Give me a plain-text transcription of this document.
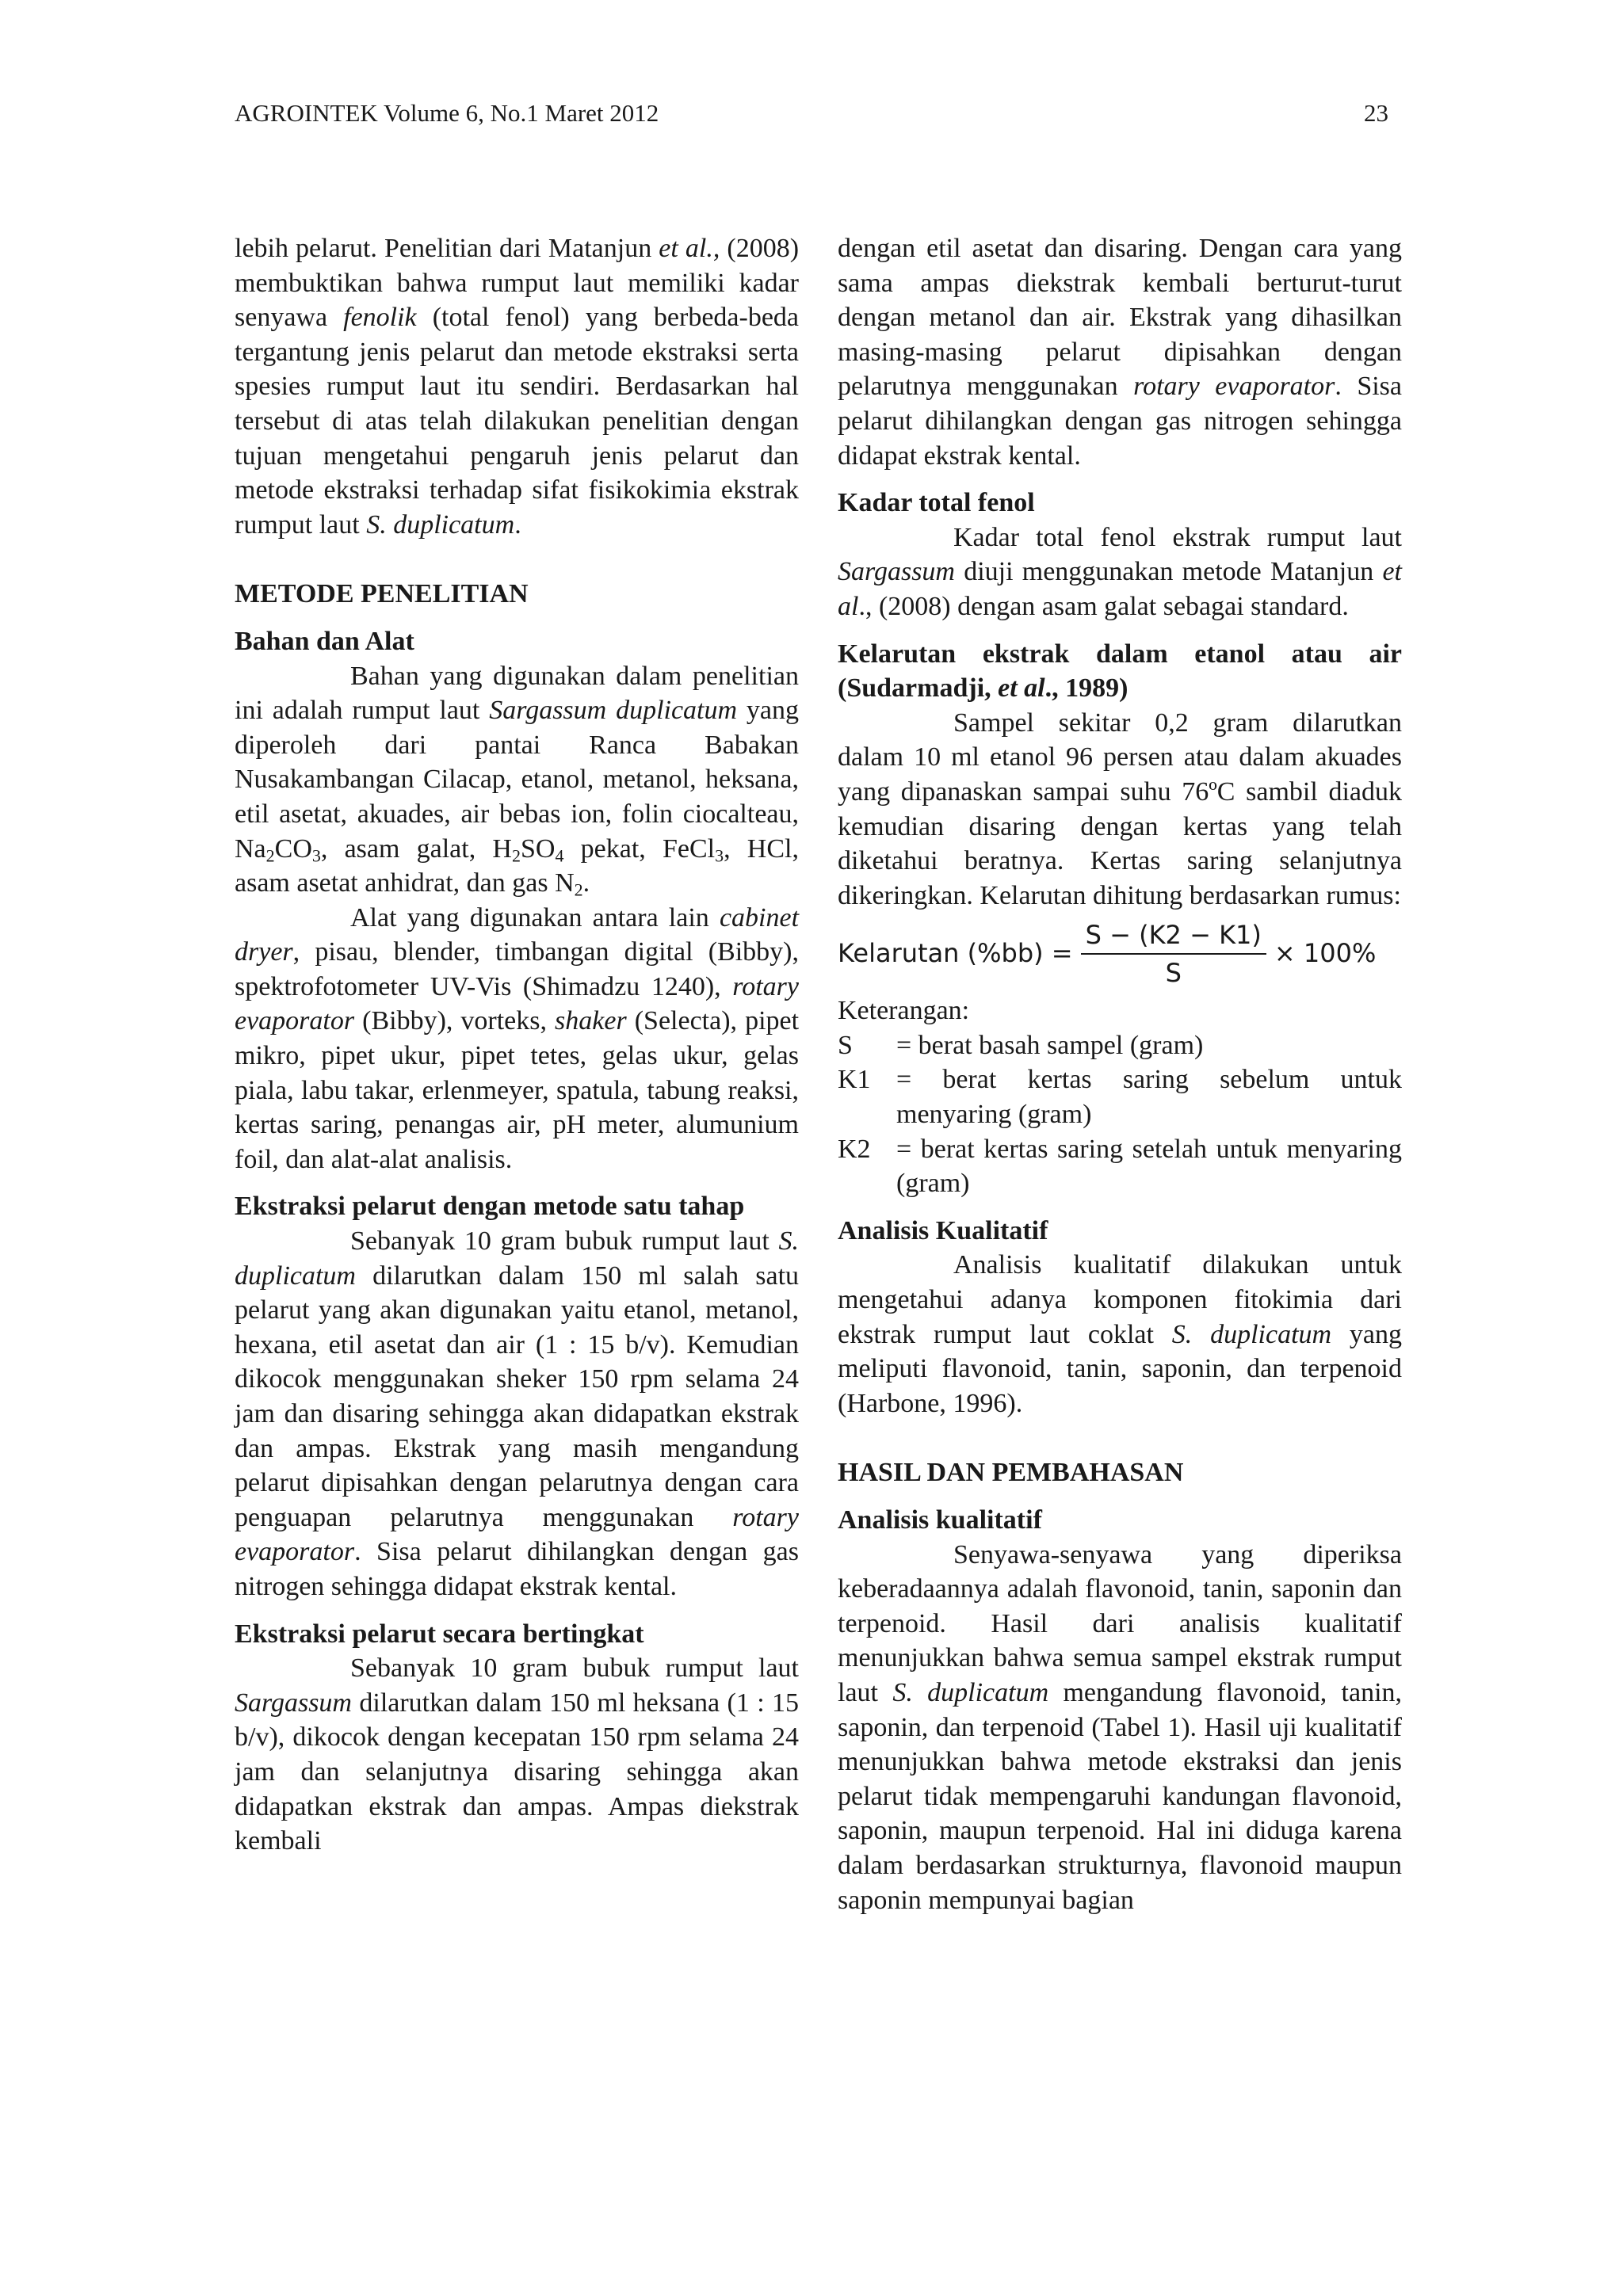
AGROINTEK Volume 6, No.1 Maret 2012	23

lebih pelarut. Penelitian dari Matanjun et al., (2008) membuktikan bahwa rumput laut memiliki kadar senyawa fenolik (total fenol) yang berbeda-beda tergantung jenis pelarut dan metode ekstraksi serta spesies rumput laut itu sendiri. Berdasarkan hal tersebut di atas telah dilakukan penelitian dengan tujuan mengetahui pengaruh jenis pelarut dan metode ekstraksi terhadap sifat fisikokimia ekstrak rumput laut S. duplicatum.

METODE PENELITIAN

Bahan dan Alat

Bahan yang digunakan dalam penelitian ini adalah rumput laut Sargassum duplicatum yang diperoleh dari pantai Ranca Babakan Nusakambangan Cilacap, etanol, metanol, heksana, etil asetat, akuades, air bebas ion, folin ciocalteau, $Na_2CO_3$, asam galat, $H_2SO_4$ pekat, FeCl$_3$, HCl, asam asetat anhidrat, dan gas $N_2$.

Alat yang digunakan antara lain cabinet dryer, pisau, blender, timbangan digital (Bibby), spektrofotometer UV-Vis (Shimadzu 1240), rotary evaporator (Bibby), vorteks, shaker (Selecta), pipet mikro, pipet ukur, pipet tetes, gelas ukur, gelas piala, labu takar, erlenmeyer, spatula, tabung reaksi, kertas saring, penangas air, pH meter, alumunium foil, dan alat-alat analisis.

Ekstraksi pelarut dengan metode satu tahap

Sebanyak 10 gram bubuk rumput laut S. duplicatum dilarutkan dalam 150 ml salah satu pelarut yang akan digunakan yaitu etanol, metanol, hexana, etil asetat dan air (1 : 15 b/v). Kemudian dikocok menggunakan sheker 150 rpm selama 24 jam dan disaring sehingga akan didapatkan ekstrak dan ampas. Ekstrak yang masih mengandung pelarut dipisahkan dengan pelarutnya dengan cara penguapan pelarutnya menggunakan rotary evaporator. Sisa pelarut dihilangkan dengan gas nitrogen sehingga didapat ekstrak kental.

Ekstraksi pelarut secara bertingkat

Sebanyak 10 gram bubuk rumput laut Sargassum dilarutkan dalam 150 ml heksana (1 : 15 b/v), dikocok dengan kecepatan 150 rpm selama 24 jam dan selanjutnya disaring sehingga akan didapatkan ekstrak dan ampas. Ampas diekstrak kembali

dengan etil asetat dan disaring. Dengan cara yang sama ampas diekstrak kembali berturut-turut dengan metanol dan air. Ekstrak yang dihasilkan masing-masing pelarut dipisahkan dengan pelarutnya menggunakan rotary evaporator. Sisa pelarut dihilangkan dengan gas nitrogen sehingga didapat ekstrak kental.

Kadar total fenol

Kadar total fenol ekstrak rumput laut Sargassum diuji menggunakan metode Matanjun et al., (2008) dengan asam galat sebagai standard.

Kelarutan ekstrak dalam etanol atau air (Sudarmadji, et al., 1989)

Sampel sekitar 0,2 gram dilarutkan dalam 10 ml etanol 96 persen atau dalam akuades yang dipanaskan sampai suhu 76ºC sambil diaduk kemudian disaring dengan kertas yang telah diketahui beratnya. Kertas saring selanjutnya dikeringkan. Kelarutan dihitung berdasarkan rumus:

Kelarutan $(\%bb) = \frac{S - (K2 - K1)}{S} \times 100\%$

Keterangan:

S	= berat basah sampel (gram)
K1 = berat kertas saring sebelum untuk menyaring (gram)
K2 = berat kertas saring setelah untuk menyaring (gram)

Analisis Kualitatif

Analisis kualitatif dilakukan untuk mengetahui adanya komponen fitokimia dari ekstrak rumput laut coklat S. duplicatum yang meliputi flavonoid, tanin, saponin, dan terpenoid (Harbone, 1996).

HASIL DAN PEMBAHASAN

Analisis kualitatif

Senyawa-senyawa yang diperiksa keberadaannya adalah flavonoid, tanin, saponin dan terpenoid. Hasil dari analisis kualitatif menunjukkan bahwa semua sampel ekstrak rumput laut S. duplicatum mengandung flavonoid, tanin, saponin, dan terpenoid (Tabel 1). Hasil uji kualitatif menunjukkan bahwa metode ekstraksi dan jenis pelarut tidak mempengaruhi kandungan flavonoid, saponin, maupun terpenoid. Hal ini diduga karena dalam berdasarkan strukturnya, flavonoid maupun saponin mempunyai bagian
